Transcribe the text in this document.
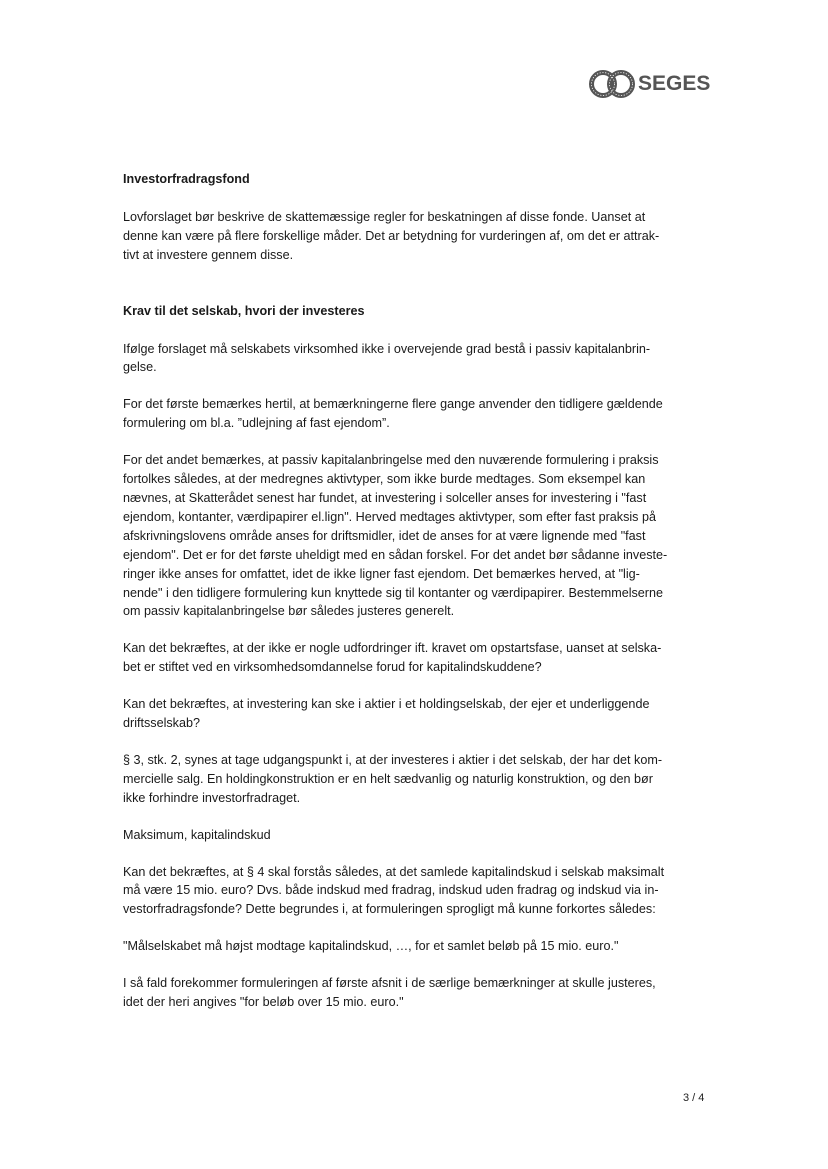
SEGES
Investorfradragsfond

Lovforslaget bør beskrive de skattemæssige regler for beskatningen af disse fonde. Uanset at
denne kan være på flere forskellige måder. Det ar betydning for vurderingen af, om det er attrak-
tivt at investere gennem disse.

Krav til det selskab, hvori der investeres

Ifølge forslaget må selskabets virksomhed ikke i overvejende grad bestå i passiv kapitalanbrin-
gelse.

For det første bemærkes hertil, at bemærkningerne flere gange anvender den tidligere gældende
formulering om bl.a. ”udlejning af fast ejendom”.

For det andet bemærkes, at passiv kapitalanbringelse med den nuværende formulering i praksis
fortolkes således, at der medregnes aktivtyper, som ikke burde medtages. Som eksempel kan
nævnes, at Skatterådet senest har fundet, at investering i solceller anses for investering i "fast
ejendom, kontanter, værdipapirer el.lign". Herved medtages aktivtyper, som efter fast praksis på
afskrivningslovens område anses for driftsmidler, idet de anses for at være lignende med "fast
ejendom". Det er for det første uheldigt med en sådan forskel. For det andet bør sådanne investe-
ringer ikke anses for omfattet, idet de ikke ligner fast ejendom. Det bemærkes herved, at "lig-
nende" i den tidligere formulering kun knyttede sig til kontanter og værdipapirer. Bestemmelserne
om passiv kapitalanbringelse bør således justeres generelt.

Kan det bekræftes, at der ikke er nogle udfordringer ift. kravet om opstartsfase, uanset at selska-
bet er stiftet ved en virksomhedsomdannelse forud for kapitalindskuddene?

Kan det bekræftes, at investering kan ske i aktier i et holdingselskab, der ejer et underliggende
driftsselskab?

§ 3, stk. 2, synes at tage udgangspunkt i, at der investeres i aktier i det selskab, der har det kom-
mercielle salg. En holdingkonstruktion er en helt sædvanlig og naturlig konstruktion, og den bør
ikke forhindre investorfradraget.

Maksimum, kapitalindskud

Kan det bekræftes, at § 4 skal forstås således, at det samlede kapitalindskud i selskab maksimalt
må være 15 mio. euro? Dvs. både indskud med fradrag, indskud uden fradrag og indskud via in-
vestorfradragsfonde? Dette begrundes i, at formuleringen sprogligt må kunne forkortes således:

"Målselskabet må højst modtage kapitalindskud, …, for et samlet beløb på 15 mio. euro."

I så fald forekommer formuleringen af første afsnit i de særlige bemærkninger at skulle justeres,
idet der heri angives "for beløb over 15 mio. euro."

3 / 4
